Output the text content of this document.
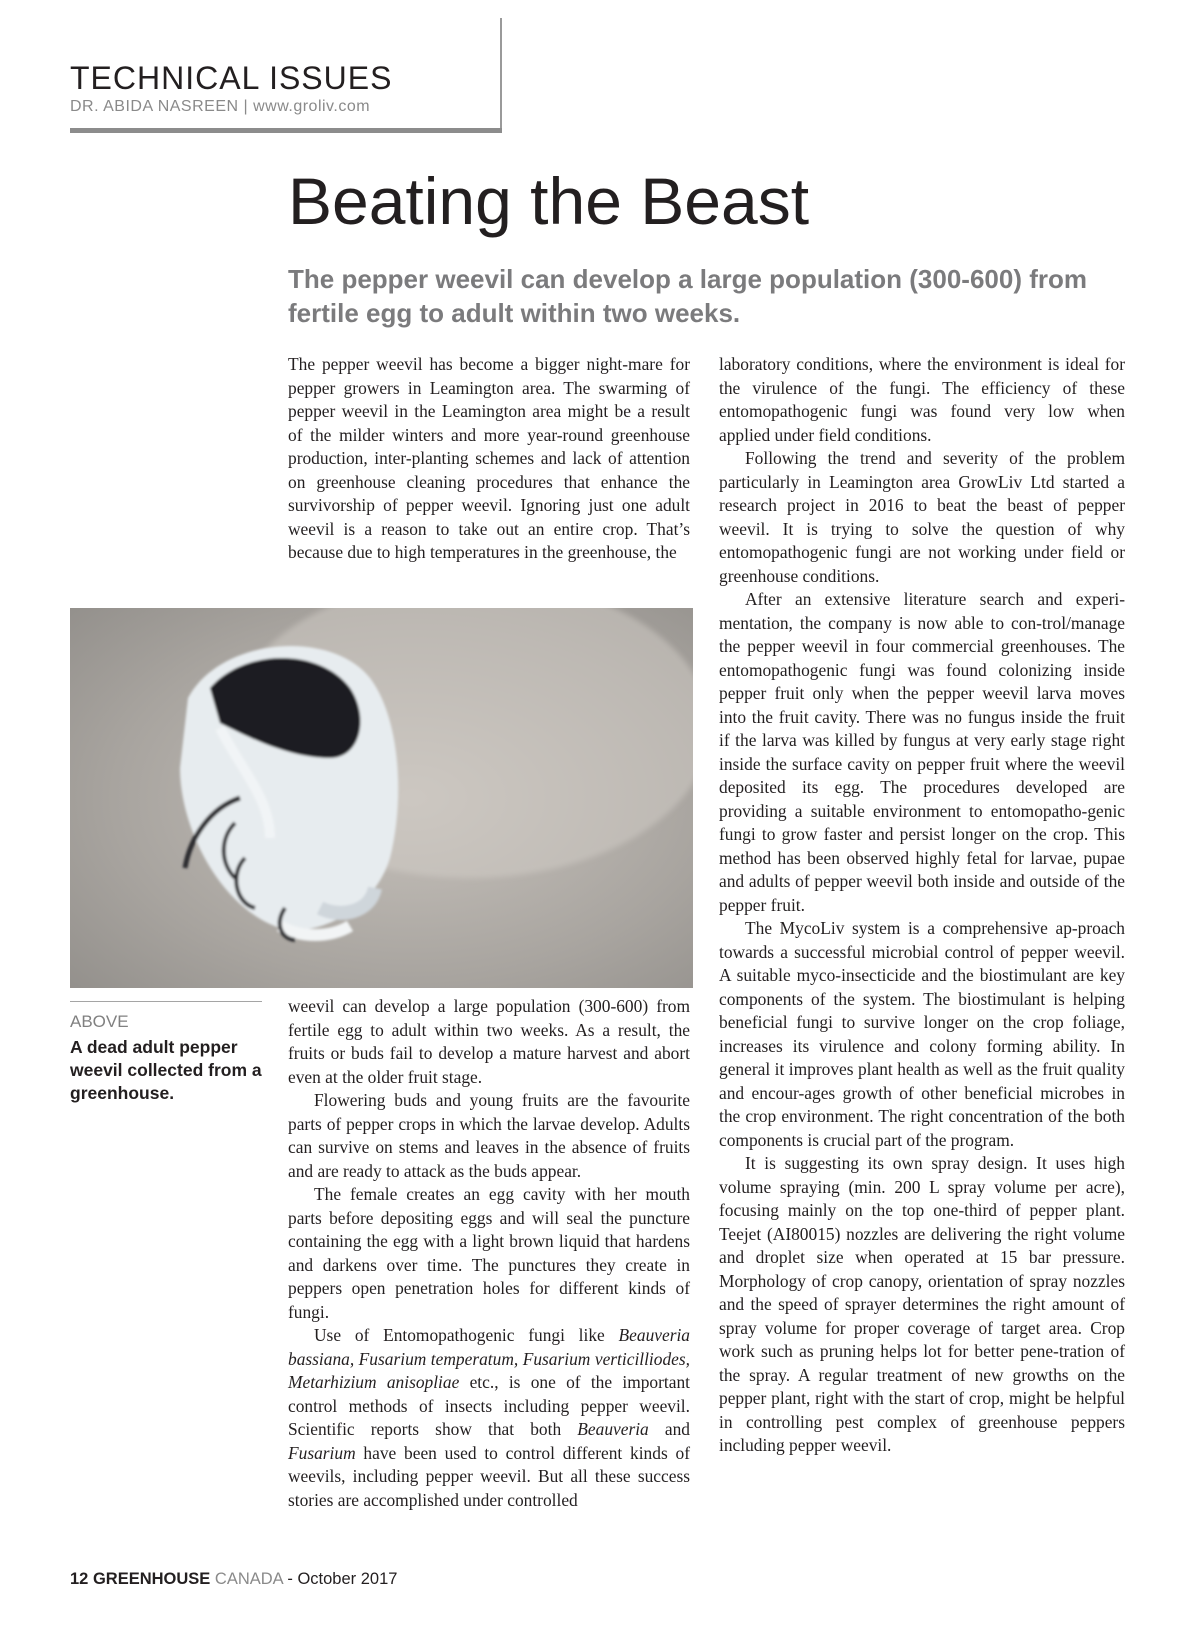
TECHNICAL ISSUES
DR. ABIDA NASREEN | www.groliv.com
Beating the Beast
The pepper weevil can develop a large population (300-600) from fertile egg to adult within two weeks.

The pepper weevil has become a bigger night-mare for pepper growers in Leamington area. The swarming of pepper weevil in the Leamington area might be a result of the milder winters and more year-round greenhouse production, inter-planting schemes and lack of attention on greenhouse cleaning procedures that enhance the survivorship of pepper weevil. Ignoring just one adult weevil is a reason to take out an entire crop. That’s because due to high temperatures in the greenhouse, the

ABOVE
A dead adult pepper weevil collected from a greenhouse.

weevil can develop a large population (300-600) from fertile egg to adult within two weeks. As a result, the fruits or buds fail to develop a mature harvest and abort even at the older fruit stage.

Flowering buds and young fruits are the favourite parts of pepper crops in which the larvae develop. Adults can survive on stems and leaves in the absence of fruits and are ready to attack as the buds appear.

The female creates an egg cavity with her mouth parts before depositing eggs and will seal the puncture containing the egg with a light brown liquid that hardens and darkens over time. The punctures they create in peppers open penetration holes for different kinds of fungi.

Use of Entomopathogenic fungi like Beauveria bassiana, Fusarium temperatum, Fusarium verticilliodes, Metarhizium anisopliae etc., is one of the important control methods of insects including pepper weevil. Scientific reports show that both Beauveria and Fusarium have been used to control different kinds of weevils, including pepper weevil. But all these success stories are accomplished under controlled

laboratory conditions, where the environment is ideal for the virulence of the fungi. The efficiency of these entomopathogenic fungi was found very low when applied under field conditions.

Following the trend and severity of the problem particularly in Leamington area GrowLiv Ltd started a research project in 2016 to beat the beast of pepper weevil. It is trying to solve the question of why entomopathogenic fungi are not working under field or greenhouse conditions.

After an extensive literature search and experi-mentation, the company is now able to con-trol/manage the pepper weevil in four commercial greenhouses. The entomopathogenic fungi was found colonizing inside pepper fruit only when the pepper weevil larva moves into the fruit cavity. There was no fungus inside the fruit if the larva was killed by fungus at very early stage right inside the surface cavity on pepper fruit where the weevil deposited its egg. The procedures developed are providing a suitable environment to entomopatho-genic fungi to grow faster and persist longer on the crop. This method has been observed highly fetal for larvae, pupae and adults of pepper weevil both inside and outside of the pepper fruit.

The MycoLiv system is a comprehensive ap-proach towards a successful microbial control of pepper weevil. A suitable myco-insecticide and the biostimulant are key components of the system. The biostimulant is helping beneficial fungi to survive longer on the crop foliage, increases its virulence and colony forming ability. In general it improves plant health as well as the fruit quality and encour-ages growth of other beneficial microbes in the crop environment. The right concentration of the both components is crucial part of the program.

It is suggesting its own spray design. It uses high volume spraying (min. 200 L spray volume per acre), focusing mainly on the top one-third of pepper plant. Teejet (AI80015) nozzles are delivering the right volume and droplet size when operated at 15 bar pressure. Morphology of crop canopy, orientation of spray nozzles and the speed of sprayer determines the right amount of spray volume for proper coverage of target area. Crop work such as pruning helps lot for better pene-tration of the spray. A regular treatment of new growths on the pepper plant, right with the start of crop, might be helpful in controlling pest complex of greenhouse peppers including pepper weevil.

12 GREENHOUSE CANADA - October 2017
